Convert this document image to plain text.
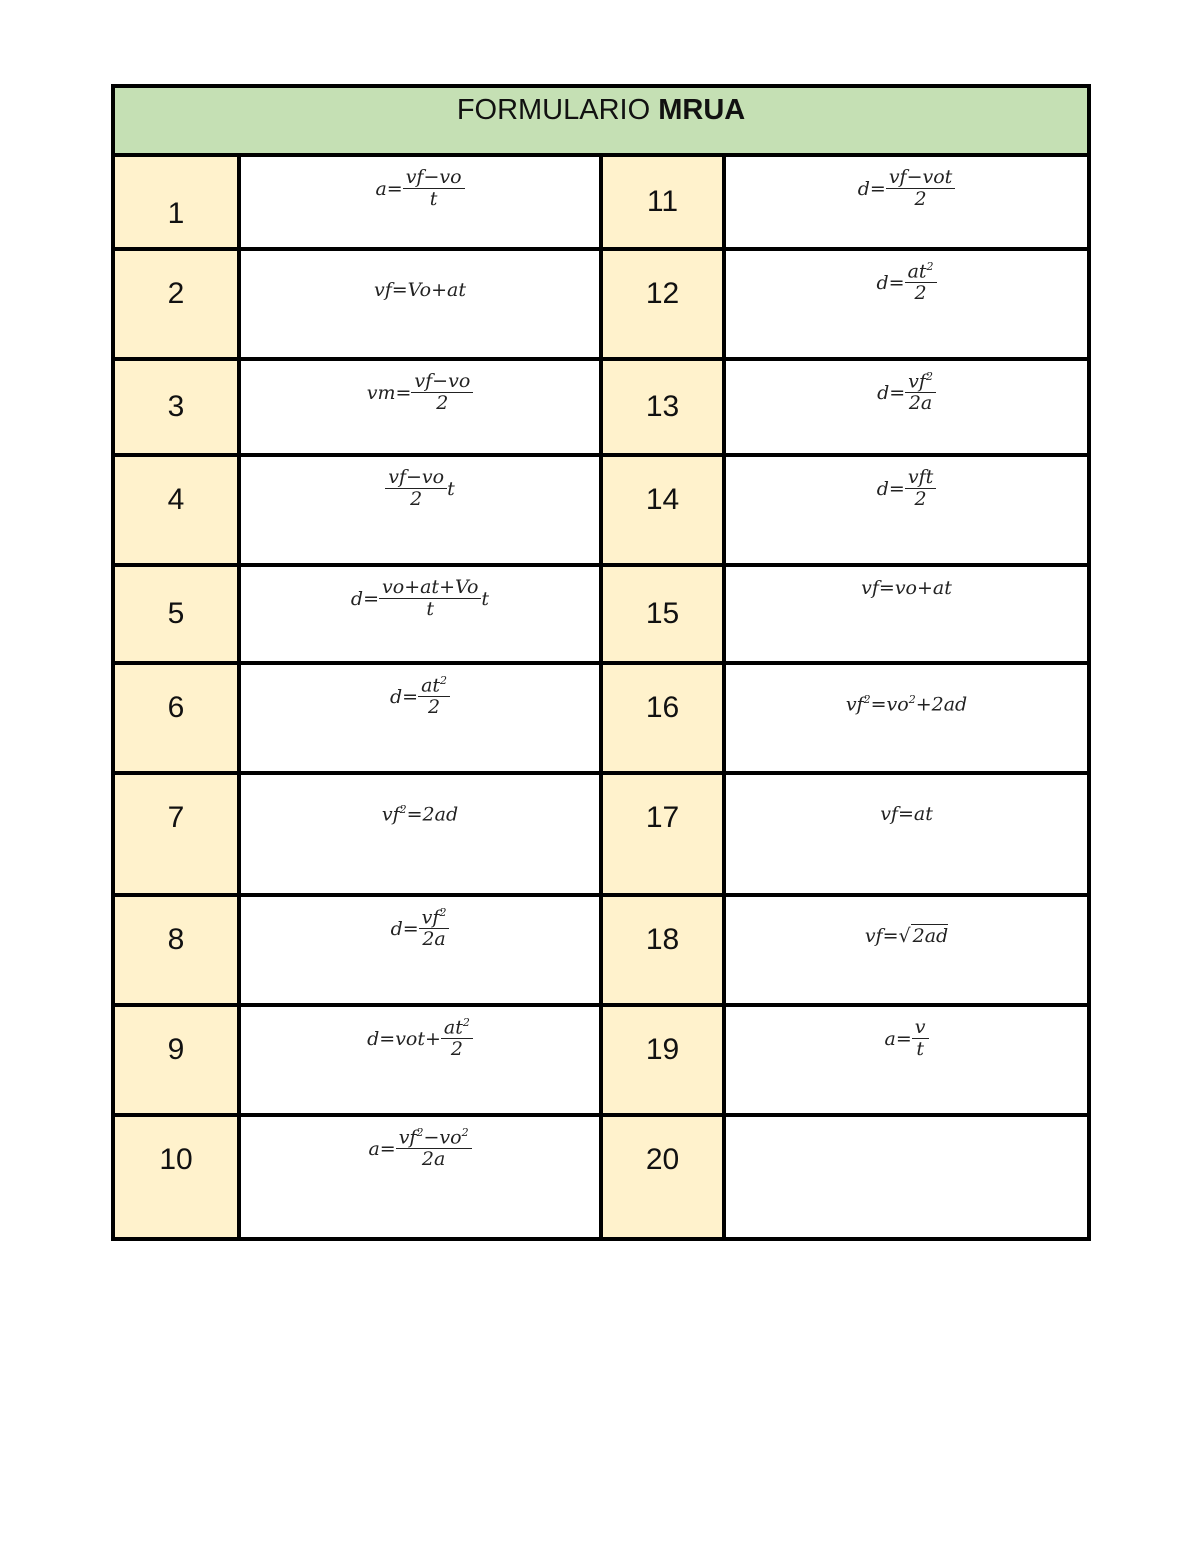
FORMULARIO MRUA			
1	$a= \frac{vf-vo}{t}$	11	$d= \frac{\text{vf−vot}}{2}$

2	vf=Vo+at	12	$d= \frac{at^2}{2}$

3	$vm= \frac{vf-vo}{2}$	13	$d= \frac{vf^2}{2a}$

4	$\frac{vf-vo}{2}$ t	14	$d= \frac{\text{vft}}{2}$

5	$d= \frac{vo+at+Vo}{t}$ t	15	vf=vo+at
6	$d= \frac{at^2}{2}$	16	$vf^2=vo^2+2ad$
7	$vf^2=2ad$	17	vf=at
8	$d= \frac{vf^2}{2a}$	18	vf=√ 2ad
9	$d=vot+ \frac{at^2}{2}$	19	$a= \frac{v}{t}$

10	$a= \frac{vf^2-vo^2}{2a}$	20	
